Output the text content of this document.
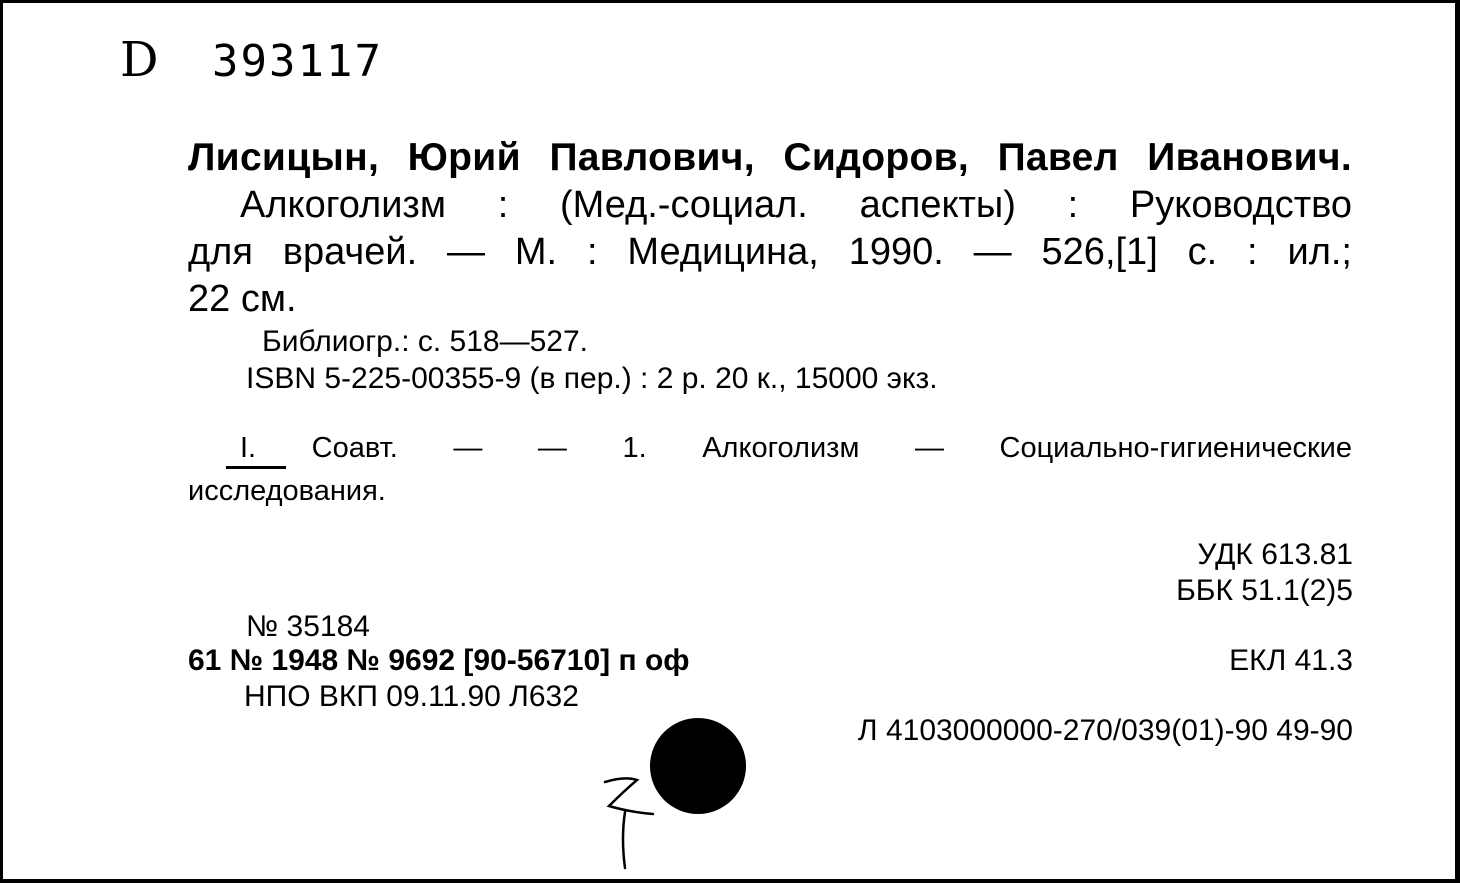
D 393117
Лисицын, Юрий Павлович, Сидоров, Павел Иванович.
Алкоголизм : (Мед.-социал. аспекты) : Руководство
для врачей. — М. : Медицина, 1990. — 526,[1] с. : ил.;
22 см.
Библиогр.: с. 518—527.
ISBN 5-225-00355-9 (в пер.) : 2 р. 20 к., 15000 экз.
I. Соавт. — — 1. Алкоголизм — Социально-гигиенические
исследования.
УДК 613.81
ББК 51.1(2)5
№ 35184
61 № 1948 № 9692 [90-56710] п оф	ЕКЛ 41.3
НПО ВКП 09.11.90 Л632
Л 4103000000-270/039(01)-90 49-90
